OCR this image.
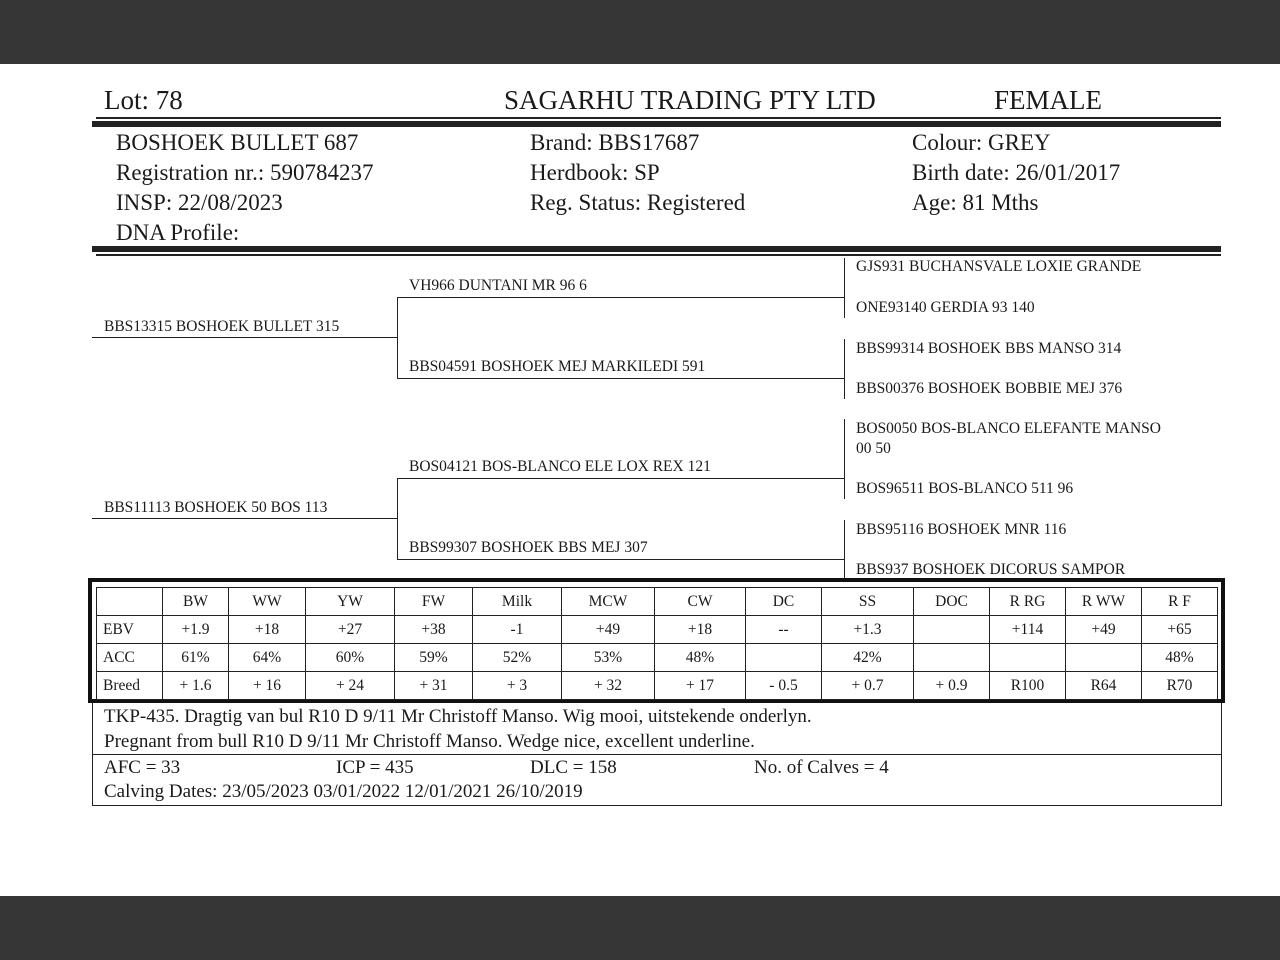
Lot: 78	SAGARHU TRADING PTY LTD	FEMALE
BOSHOEK BULLET 687
Registration nr.: 590784237
INSP: 22/08/2023
DNA Profile:
Brand: BBS17687
Herdbook: SP
Reg. Status: Registered
Colour: GREY
Birth date: 26/01/2017
Age: 81 Mths
BBS13315 BOSHOEK BULLET 315
BBS11113 BOSHOEK 50 BOS 113
VH966 DUNTANI MR 96 6
BBS04591 BOSHOEK MEJ MARKILEDI 591
BOS04121 BOS-BLANCO ELE LOX REX 121
BBS99307 BOSHOEK BBS MEJ 307
GJS931 BUCHANSVALE LOXIE GRANDE
ONE93140 GERDIA 93 140
BBS99314 BOSHOEK BBS MANSO 314
BBS00376 BOSHOEK BOBBIE MEJ 376
BOS0050 BOS-BLANCO ELEFANTE MANSO
00 50
BOS96511 BOS-BLANCO 511 96
BBS95116 BOSHOEK MNR 116
BBS937 BOSHOEK DICORUS SAMPOR
	BW	WW	YW	FW	Milk	MCW	CW	DC	SS	DOC	R RG	R WW	R F
EBV	+1.9	+18	+27	+38	-1	+49	+18	--	+1.3		+114	+49	+65
ACC	61%	64%	60%	59%	52%	53%	48%		42%				48%
Breed	+ 1.6	+ 16	+ 24	+ 31	+ 3	+ 32	+ 17	- 0.5	+ 0.7	+ 0.9	R100	R64	R70
TKP-435. Dragtig van bul R10 D 9/11 Mr Christoff Manso. Wig mooi, uitstekende onderlyn.
Pregnant from bull R10 D 9/11 Mr Christoff Manso. Wedge nice, excellent underline.
AFC = 33	ICP = 435	DLC = 158	No. of Calves = 4
Calving Dates: 23/05/2023 03/01/2022 12/01/2021 26/10/2019
